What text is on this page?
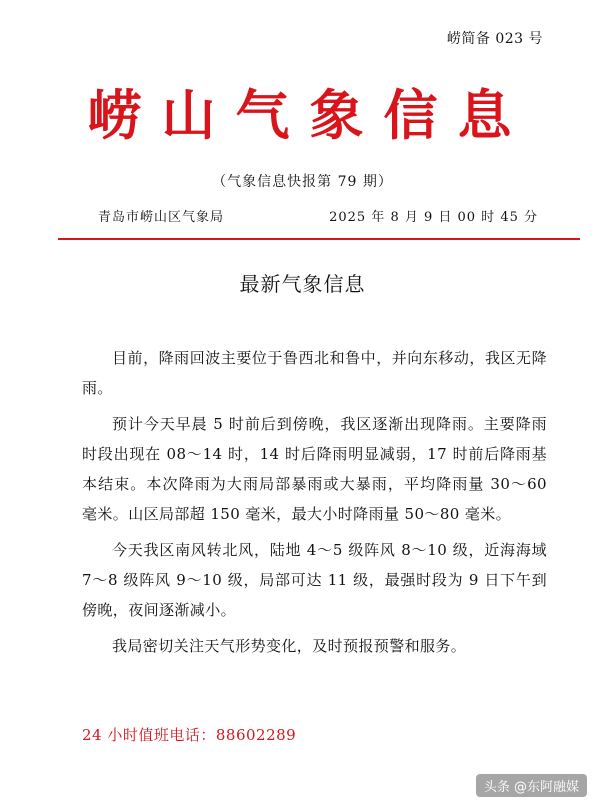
崂简备 023 号
崂山气象信息
（气象信息快报第 79 期）
青岛市崂山区气象局	2025 年 8 月 9 日 00 时 45 分
最新气象信息

目前，降雨回波主要位于鲁西北和鲁中，并向东移动，我区无降雨。

预计今天早晨 5 时前后到傍晚，我区逐渐出现降雨。主要降雨时段出现在 08～14 时，14 时后降雨明显减弱，17 时前后降雨基本结束。本次降雨为大雨局部暴雨或大暴雨，平均降雨量 30～60 毫米。山区局部超 150 毫米，最大小时降雨量 50～80 毫米。

今天我区南风转北风，陆地 4～5 级阵风 8～10 级，近海海域 7～8 级阵风 9～10 级，局部可达 11 级，最强时段为 9 日下午到傍晚，夜间逐渐减小。

我局密切关注天气形势变化，及时预报预警和服务。

24 小时值班电话：88602289
头条 @东阿融媒
